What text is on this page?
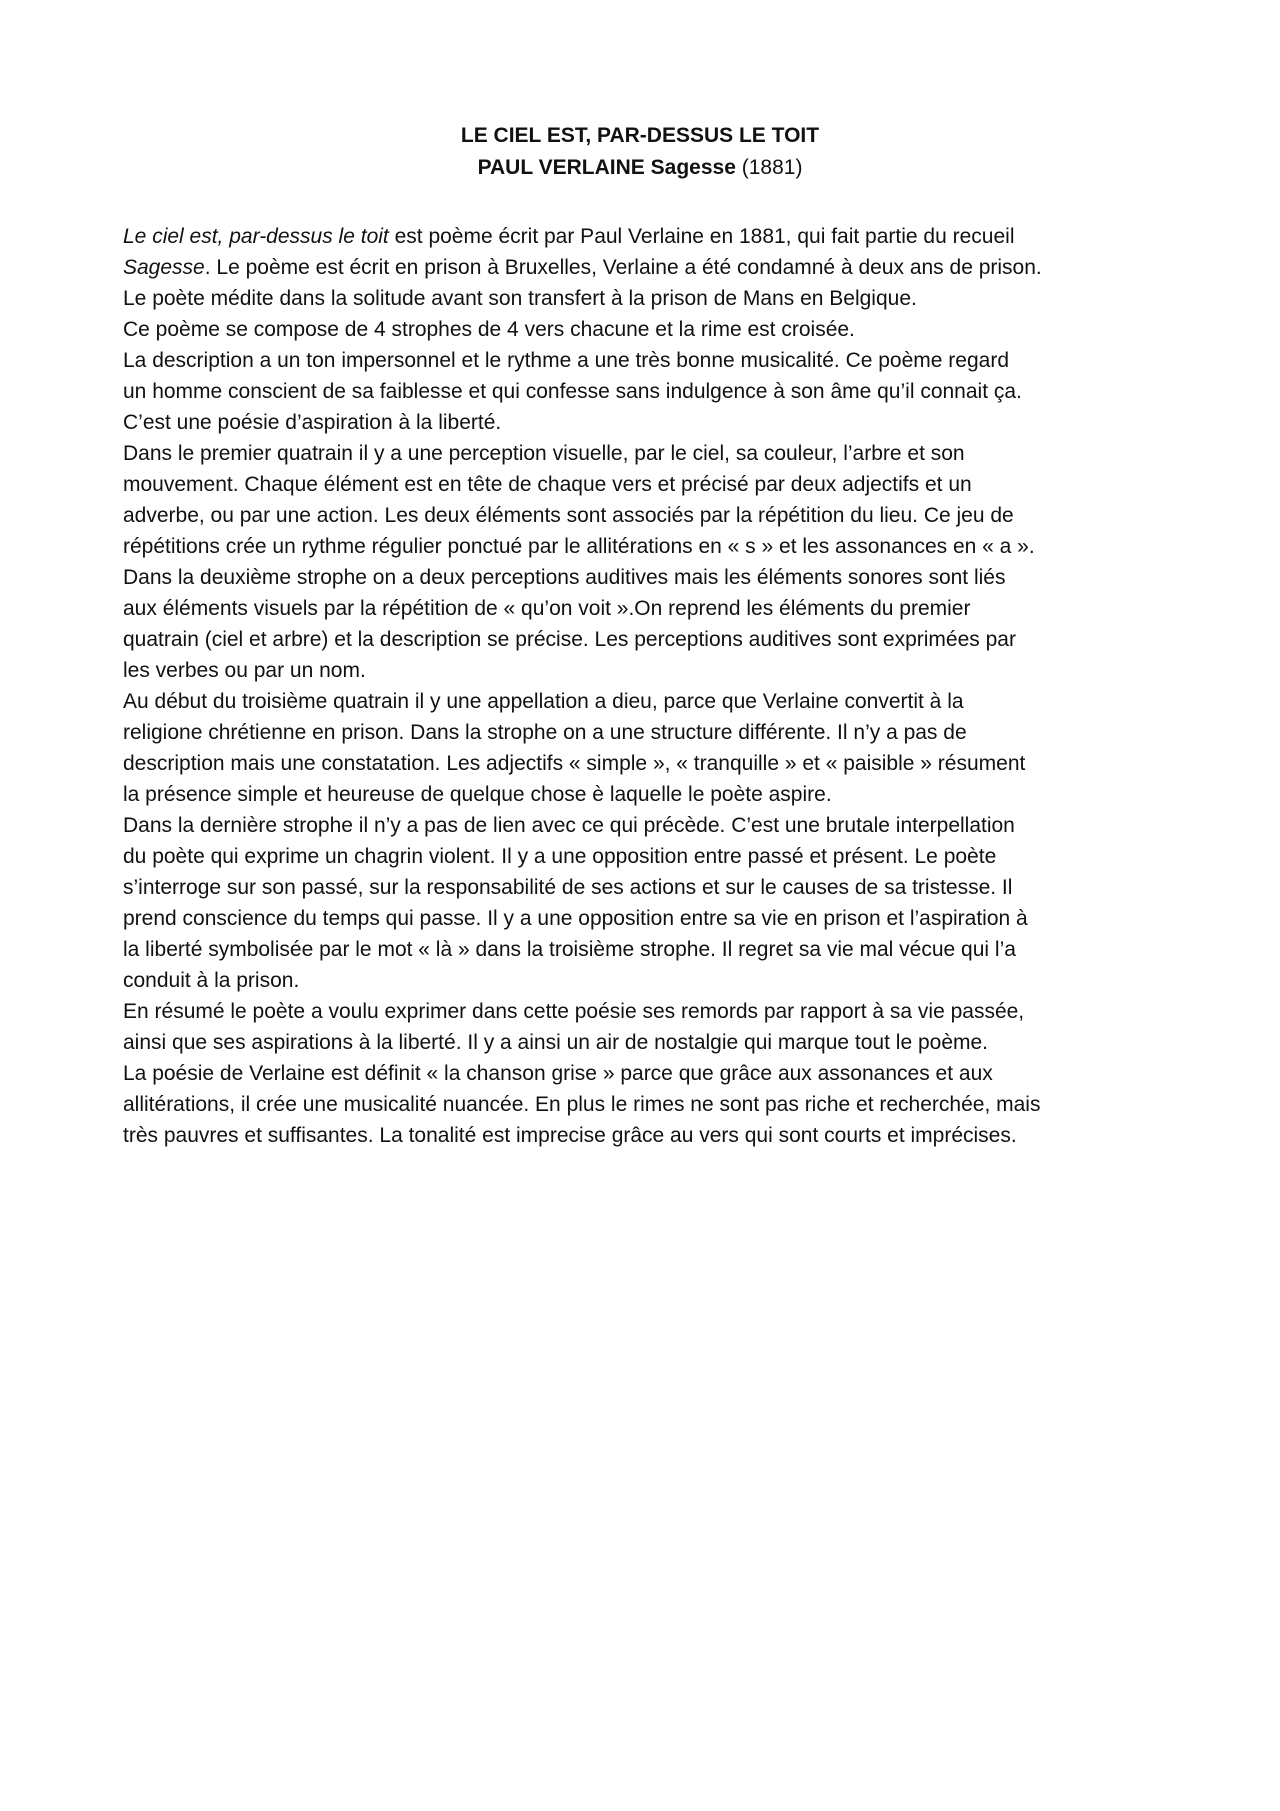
LE CIEL EST, PAR-DESSUS LE TOIT

PAUL VERLAINE Sagesse (1881)

Le ciel est, par-dessus le toit est poème écrit par Paul Verlaine en 1881, qui fait partie du recueil
Sagesse. Le poème est écrit en prison à Bruxelles, Verlaine a été condamné à deux ans de prison.
Le poète médite dans la solitude avant son transfert à la prison de Mans en Belgique.
Ce poème se compose de 4 strophes de 4 vers chacune et la rime est croisée.
La description a un ton impersonnel et le rythme a une très bonne musicalité. Ce poème regard
un homme conscient de sa faiblesse et qui confesse sans indulgence à son âme qu’il connait ça.
C’est une poésie d’aspiration à la liberté.
Dans le premier quatrain il y a une perception visuelle, par le ciel, sa couleur, l’arbre et son
mouvement. Chaque élément est en tête de chaque vers et précisé par deux adjectifs et un
adverbe, ou par une action. Les deux éléments sont associés par la répétition du lieu. Ce jeu de
répétitions crée un rythme régulier ponctué par le allitérations en « s » et les assonances en « a ».
Dans la deuxième strophe on a deux perceptions auditives mais les éléments sonores sont liés
aux éléments visuels par la répétition de « qu’on voit ».On reprend les éléments du premier
quatrain (ciel et arbre) et la description se précise. Les perceptions auditives sont exprimées par
les verbes ou par un nom.
Au début du troisième quatrain il y une appellation a dieu, parce que Verlaine convertit à la
religione chrétienne en prison. Dans la strophe on a une structure différente. Il n’y a pas de
description mais une constatation. Les adjectifs « simple », « tranquille » et « paisible » résument
la présence simple et heureuse de quelque chose è laquelle le poète aspire.
Dans la dernière strophe il n’y a pas de lien avec ce qui précède. C’est une brutale interpellation
du poète qui exprime un chagrin violent. Il y a une opposition entre passé et présent. Le poète
s’interroge sur son passé, sur la responsabilité de ses actions et sur le causes de sa tristesse. Il
prend conscience du temps qui passe. Il y a une opposition entre sa vie en prison et l’aspiration à
la liberté symbolisée par le mot « là » dans la troisième strophe. Il regret sa vie mal vécue qui l’a
conduit à la prison.
En résumé le poète a voulu exprimer dans cette poésie ses remords par rapport à sa vie passée,
ainsi que ses aspirations à la liberté. Il y a ainsi un air de nostalgie qui marque tout le poème.
La poésie de Verlaine est définit « la chanson grise » parce que grâce aux assonances et aux
allitérations, il crée une musicalité nuancée. En plus le rimes ne sont pas riche et recherchée, mais
très pauvres et suffisantes. La tonalité est imprecise grâce au vers qui sont courts et imprécises.
